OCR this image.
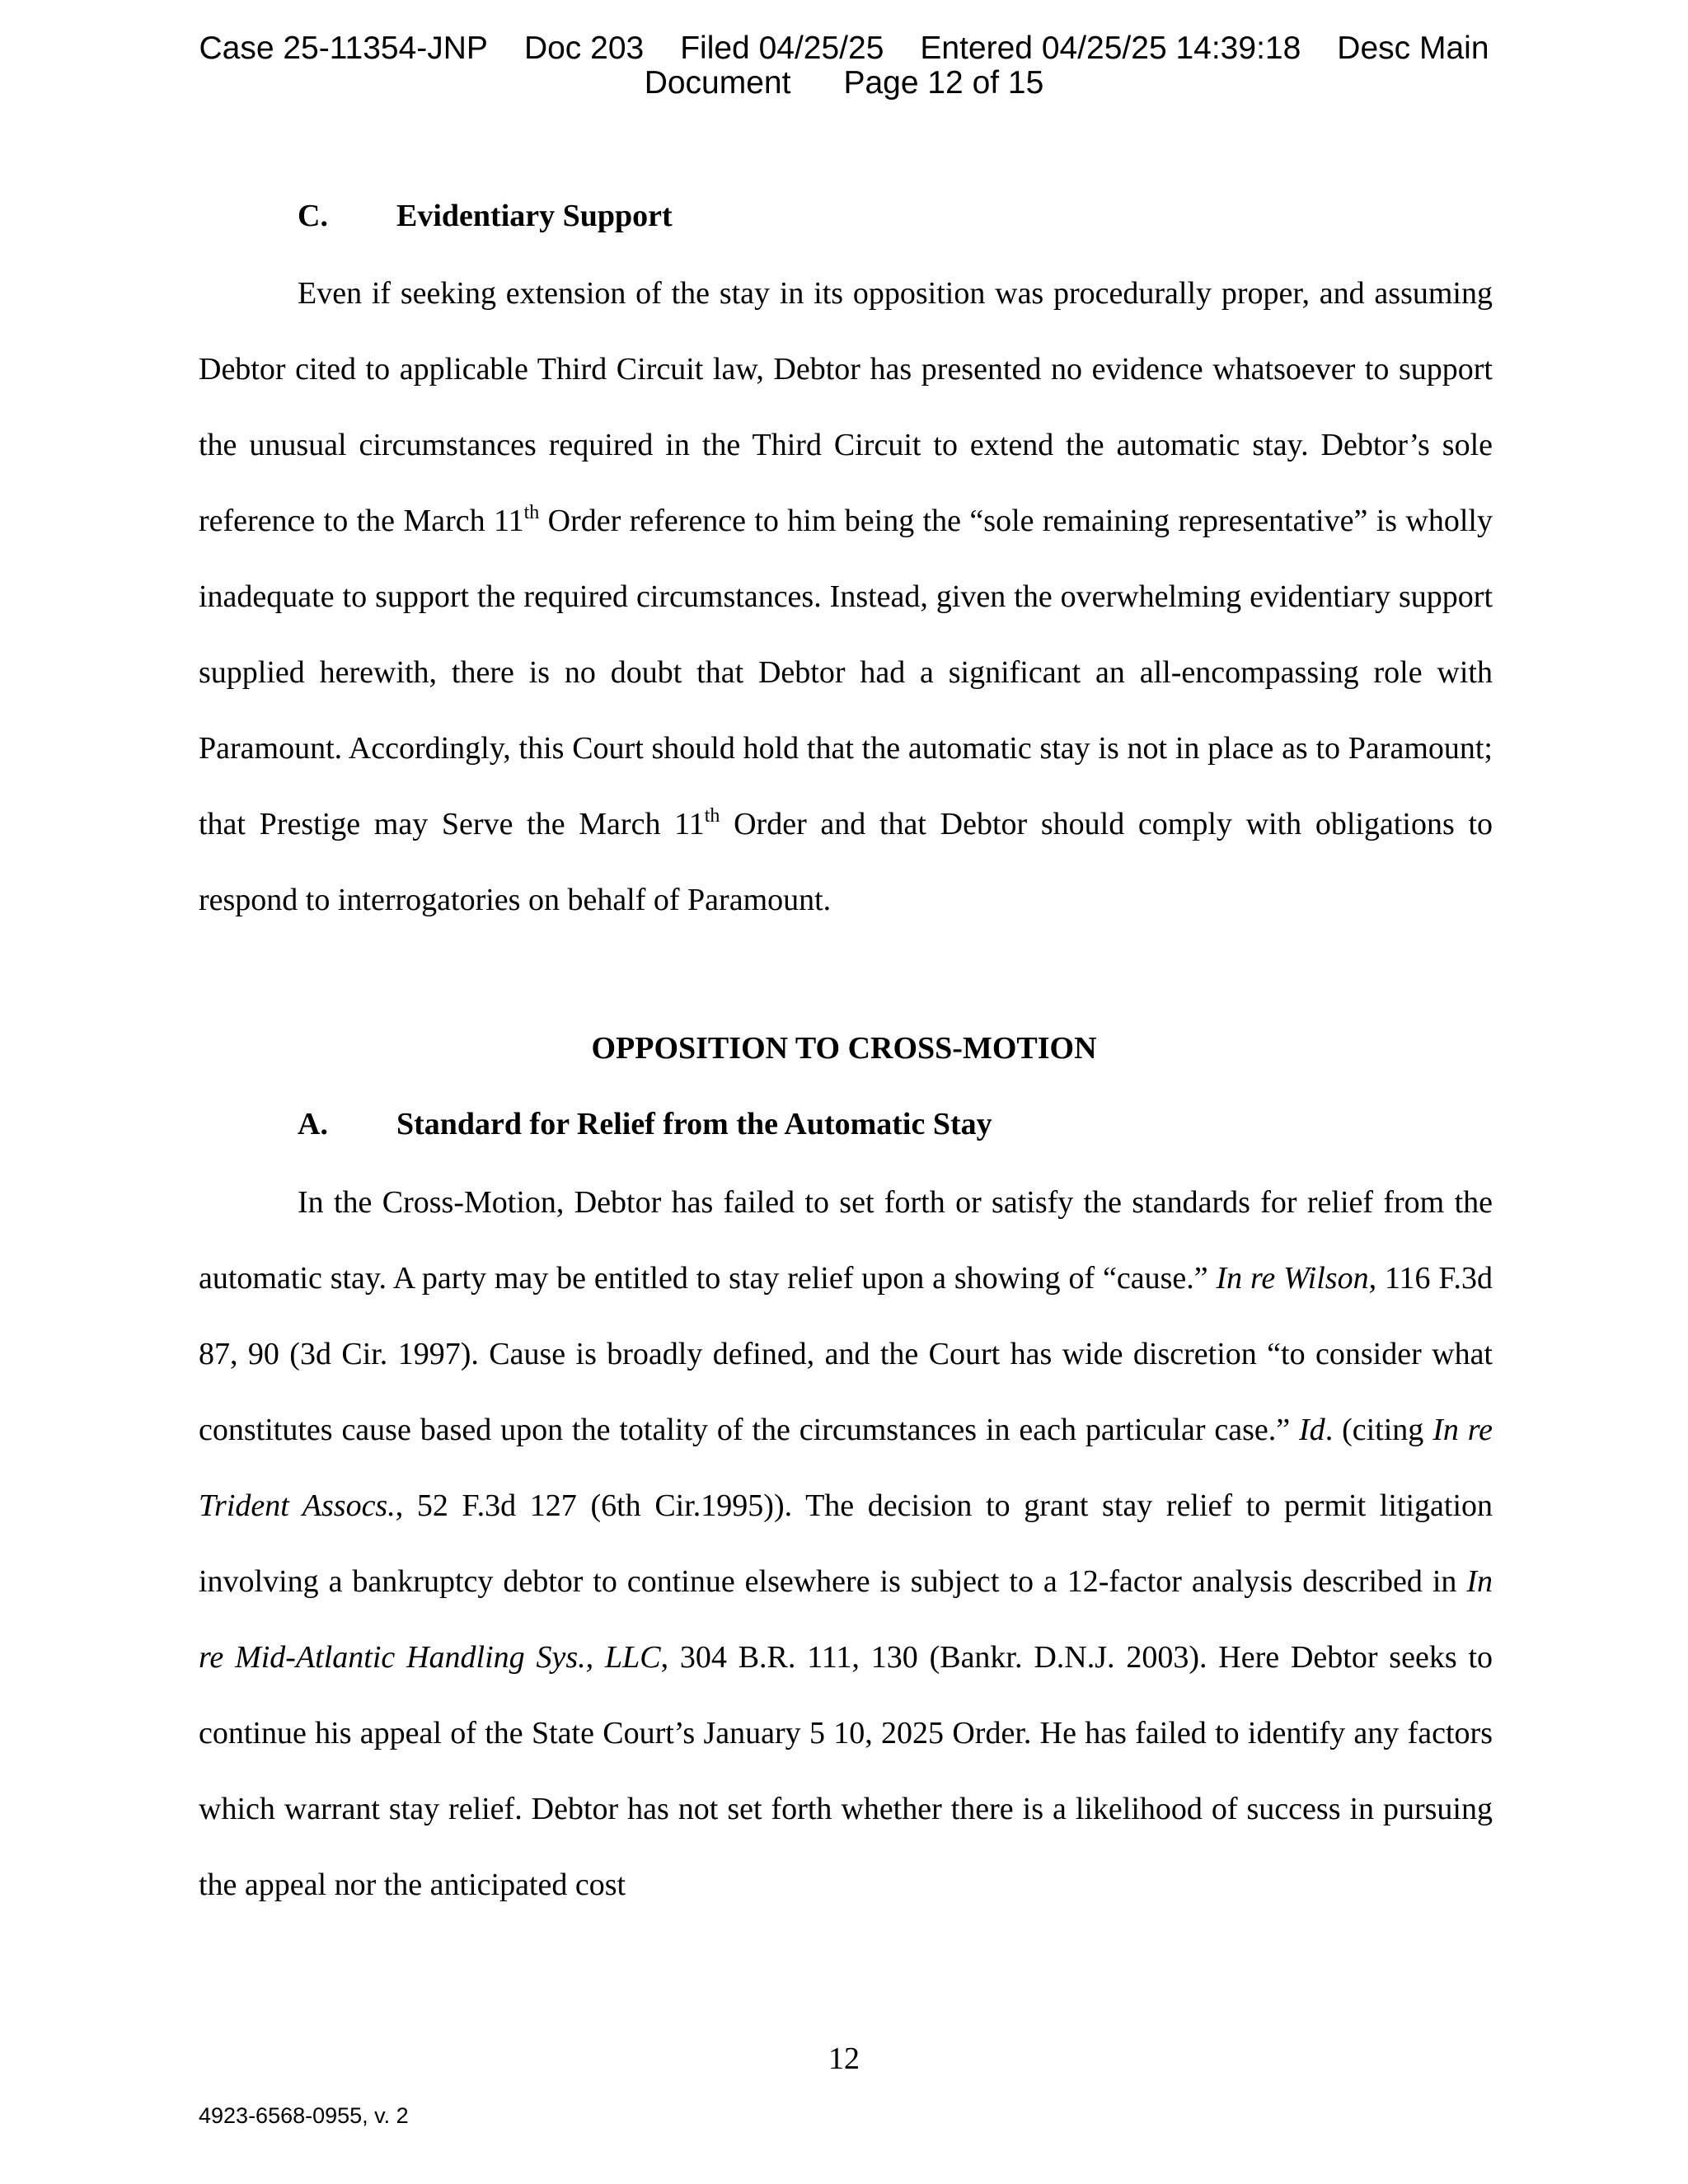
Case 25-11354-JNP Doc 203 Filed 04/25/25 Entered 04/25/25 14:39:18 Desc Main
Document Page 12 of 15
C. Evidentiary Support

Even if seeking extension of the stay in its opposition was procedurally proper, and assuming Debtor cited to applicable Third Circuit law, Debtor has presented no evidence whatsoever to support the unusual circumstances required in the Third Circuit to extend the automatic stay. Debtor’s sole reference to the March 11th Order reference to him being the “sole remaining representative” is wholly inadequate to support the required circumstances. Instead, given the overwhelming evidentiary support supplied herewith, there is no doubt that Debtor had a significant an all-encompassing role with Paramount. Accordingly, this Court should hold that the automatic stay is not in place as to Paramount; that Prestige may Serve the March 11th Order and that Debtor should comply with obligations to respond to interrogatories on behalf of Paramount.

OPPOSITION TO CROSS-MOTION
A. Standard for Relief from the Automatic Stay

In the Cross-Motion, Debtor has failed to set forth or satisfy the standards for relief from the automatic stay. A party may be entitled to stay relief upon a showing of “cause.” In re Wilson, 116 F.3d 87, 90 (3d Cir. 1997). Cause is broadly defined, and the Court has wide discretion “to consider what constitutes cause based upon the totality of the circumstances in each particular case.” Id. (citing In re Trident Assocs., 52 F.3d 127 (6th Cir.1995)). The decision to grant stay relief to permit litigation involving a bankruptcy debtor to continue elsewhere is subject to a 12-factor analysis described in In re Mid-Atlantic Handling Sys., LLC, 304 B.R. 111, 130 (Bankr. D.N.J. 2003). Here Debtor seeks to continue his appeal of the State Court’s January 5 10, 2025 Order. He has failed to identify any factors which warrant stay relief. Debtor has not set forth whether there is a likelihood of success in pursuing the appeal nor the anticipated cost

12
4923-6568-0955, v. 2
